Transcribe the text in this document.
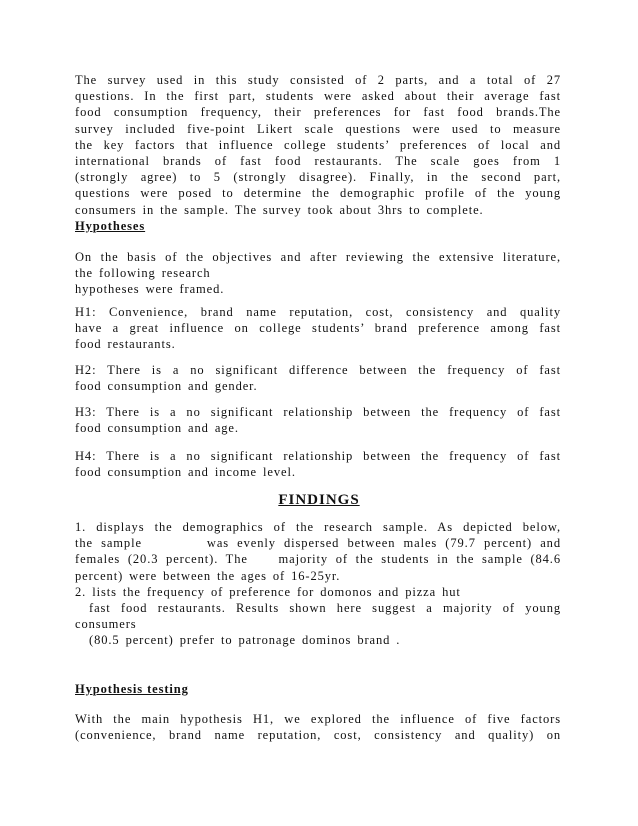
The survey used in this study consisted of 2 parts, and a total of 27
questions. In the first part, students were asked about their average fast
food consumption frequency, their preferences for fast food brands.The
survey included five-point Likert scale questions were used to measure
the key factors that influence college students’ preferences of local and
international brands of fast food restaurants. The scale goes from 1
(strongly agree) to 5 (strongly disagree). Finally, in the second part,
questions were posed to determine the demographic profile of the young
consumers in the sample. The survey took about 3hrs to complete.
Hypotheses
On the basis of the objectives and after reviewing the extensive literature,
the following research
hypotheses were framed.
H1: Convenience, brand name reputation, cost, consistency and quality
have a great influence on college students’ brand preference among fast
food restaurants.
H2: There is a no significant difference between the frequency of fast
food consumption and gender.
H3: There is a no significant relationship between the frequency of fast
food consumption and age.
H4: There is a no significant relationship between the frequency of fast
food consumption and income level.
FINDINGS
1. displays the demographics of the research sample. As depicted below,
the sample        was evenly dispersed between males (79.7 percent) and
females (20.3 percent). The    majority of the students in the sample (84.6
percent) were between the ages of 16-25yr.
2. lists the frequency of preference for domonos and pizza hut
fast food restaurants. Results shown here suggest a majority of young
consumers
(80.5 percent) prefer to patronage dominos brand .
Hypothesis testing
With the main hypothesis H1, we explored the influence of five factors
(convenience, brand name reputation, cost, consistency and quality) on
